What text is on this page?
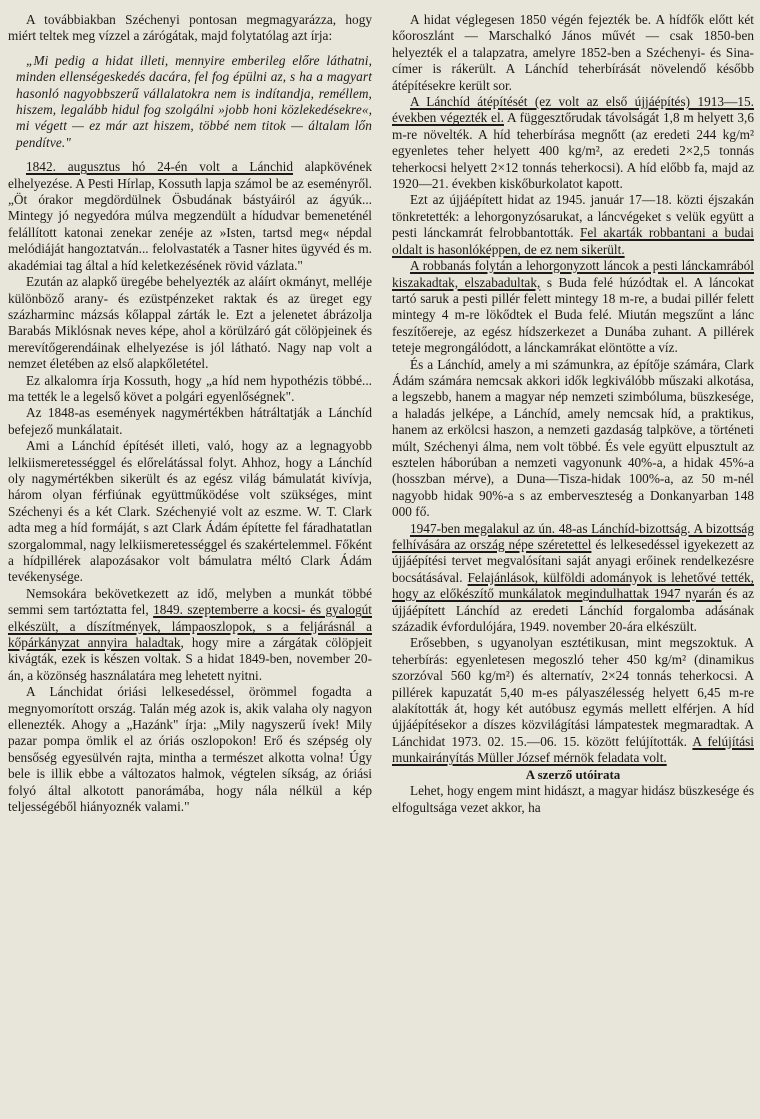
A továbbiakban Széchenyi pontosan megmagyarázza, hogy miért teltek meg vízzel a zárógátak, majd folytatólag azt írja:

„Mi pedig a hidat illeti, mennyire emberileg előre láthatni, minden ellenségeskedés dacára, fel fog épülni az, s ha a magyart hasonló nagyobbszerű vállalatokra nem is indítandja, reméllem, hiszem, legalább hidul fog szolgálni »jobb honi közlekedésekre«, mi végett — ez már azt hiszem, többé nem titok — általam lőn pendítve."

1842. augusztus hó 24-én volt a Lánchid alapkövének elhelyezése. A Pesti Hírlap, Kossuth lapja számol be az eseményről. „Öt órakor megdördülnek Ösbudának bástyáiról az ágyúk... Mintegy jó negyedóra múlva megzendült a hídudvar bemeneténél felállított katonai zenekar zenéje az »Isten, tartsd meg« népdal melódiáját hangoztatván... felolvastaték a Tasner hites ügyvéd és m. akadémiai tag által a híd keletkezésének rövid vázlata."

Ezután az alapkő üregébe behelyezték az aláírt okmányt, melléje különböző arany- és ezüstpénzeket raktak és az üreget egy százharminc mázsás kőlappal zárták le. Ezt a jelenetet ábrázolja Barabás Miklósnak neves képe, ahol a körülzáró gát cölöpjeinek és merevítőgerendáinak elhelyezése is jól látható. Nagy nap volt a nemzet életében az első alapkőletétel.

Ez alkalomra írja Kossuth, hogy „a híd nem hypothézis többé... ma tették le a legelső követ a polgári egyenlőségnek".

Az 1848-as események nagymértékben hátráltatják a Lánchíd befejező munkálatait.

Ami a Lánchíd építését illeti, való, hogy az a legnagyobb lelkiismeretességgel és előrelátással folyt. Ahhoz, hogy a Lánchíd oly nagymértékben sikerült és az egész világ bámulatát kivívja, három olyan férfiúnak együttműködése volt szükséges, mint Széchenyi és a két Clark. Széchenyié volt az eszme. W. T. Clark adta meg a híd formáját, s azt Clark Ádám építette fel fáradhatatlan szorgalommal, nagy lelkiismeretességgel és szakértelemmel. Főként a hídpillérek alapozásakor volt bámulatra méltó Clark Ádám tevékenysége.

Nemsokára bekövetkezett az idő, melyben a munkát többé semmi sem tartóztatta fel, 1849. szeptemberre a kocsi- és gyalogút elkészült, a díszítmények, lámpaoszlopok, s a feljárásnál a kőpárkányzat annyira haladtak, hogy mire a zárgátak cölöpjeit kivágták, ezek is készen voltak. S a hidat 1849-ben, november 20-án, a közönség használatára meg lehetett nyitni.

A Lánchidat óriási lelkesedéssel, örömmel fogadta a megnyomorított ország. Talán még azok is, akik valaha oly nagyon ellenezték. Ahogy a „Hazánk" írja: „Mily nagyszerű ívek! Mily pazar pompa ömlik el az óriás oszlopokon! Erő és szépség oly bensőség egyesülvén rajta, mintha a természet alkotta volna! Úgy bele is illik ebbe a változatos halmok, végtelen síkság, az óriási folyó által alkotott panorámába, hogy nála nélkül a kép teljességéből hiányoznék valami."

A hidat véglegesen 1850 végén fejezték be. A hídfők előtt két kőoroszlánt — Marschalkó János művét — csak 1850-ben helyezték el a talapzatra, amelyre 1852-ben a Széchenyi- és Sina-címer is rákerült. A Lánchíd teherbírását növelendő később átépítésekre került sor.

A Lánchíd átépítését (ez volt az első újjáépítés) 1913—15. években végezték el. A függesztőrudak távolságát 1,8 m helyett 3,6 m-re növelték. A híd teherbírása megnőtt (az eredeti 244 kg/m² egyenletes teher helyett 400 kg/m², az eredeti 2×2,5 tonnás teherkocsi helyett 2×12 tonnás teherkocsi). A híd előbb fa, majd az 1920—21. években kiskőburkolatot kapott.

Ezt az újjáépített hidat az 1945. január 17—18. közti éjszakán tönkretették: a lehorgonyzósarukat, a láncvégeket s velük együtt a pesti lánckamrát felrobbantották. Fel akarták robbantani a budai oldalt is hasonlóképpen, de ez nem sikerült.

A robbanás folytán a lehorgonyzott láncok a pesti lánckamrából kiszakadtak, elszabadultak, s Buda felé húzódtak el. A láncokat tartó saruk a pesti pillér felett mintegy 18 m-re, a budai pillér felett mintegy 4 m-re lökődtek el Buda felé. Miután megszűnt a lánc feszítőereje, az egész hídszerkezet a Dunába zuhant. A pillérek teteje megrongálódott, a lánckamrákat elöntötte a víz.

És a Lánchíd, amely a mi számunkra, az építője számára, Clark Ádám számára nemcsak akkori idők legkiválóbb műszaki alkotása, a legszebb, hanem a magyar nép nemzeti szimbóluma, büszkesége, a haladás jelképe, a Lánchíd, amely nemcsak híd, a praktikus, hanem az erkölcsi haszon, a nemzeti gazdaság talpköve, a történeti múlt, Széchenyi álma, nem volt többé. És vele együtt elpusztult az esztelen háborúban a nemzeti vagyonunk 40%-a, a hidak 45%-a (hosszban mérve), a Duna—Tisza-hidak 100%-a, az 50 m-nél nagyobb hidak 90%-a s az emberveszteség a Donkanyarban 148 000 fő.

1947-ben megalakul az ún. 48-as Lánchíd-bizottság. A bizottság felhívására az ország népe széretettel és lelkesedéssel igyekezett az újjáépítési tervet megvalósítani saját anyagi erőinek rendelkezésre bocsátásával. Felajánlások, külföldi adományok is lehetővé tették, hogy az előkészítő munkálatok megindulhattak 1947 nyarán és az újjáépített Lánchíd az eredeti Lánchíd forgalomba adásának századik évfordulójára, 1949. november 20-ára elkészült.

Erősebben, s ugyanolyan esztétikusan, mint megszoktuk. A teherbírás: egyenletesen megoszló teher 450 kg/m² (dinamikus szorzóval 560 kg/m²) és alternatív, 2×24 tonnás teherkocsi. A pillérek kapuzatát 5,40 m-es pályaszélesség helyett 6,45 m-re alakították át, hogy két autóbusz egymás mellett elférjen. A híd újjáépítésekor a díszes közvilágítási lámpatestek megmaradtak. A Lánchidat 1973. 02. 15.—06. 15. között felújították. A felújítási munkairányítás Müller József mérnök feladata volt.

A szerző utóirata

Lehet, hogy engem mint hidászt, a magyar hidász büszkesége és elfogultsága vezet akkor, ha
